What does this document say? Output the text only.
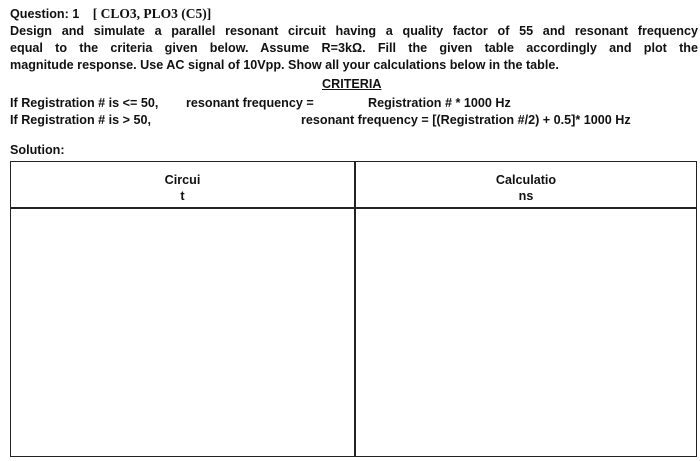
Question: 1 [ CLO3, PLO3 (C5)]
Design and simulate a parallel resonant circuit having a quality factor of 55 and resonant frequency
equal to the criteria given below. Assume R=3kΩ. Fill the given table accordingly and plot the
magnitude response. Use AC signal of 10Vpp. Show all your calculations below in the table.
CRITERIA
If Registration # is <= 50, resonant frequency =	Registration # * 1000 Hz
If Registration # is > 50,	resonant frequency = [(Registration #/2) + 0.5]* 1000 Hz
Solution:
Circui
t
Calculatio
ns
